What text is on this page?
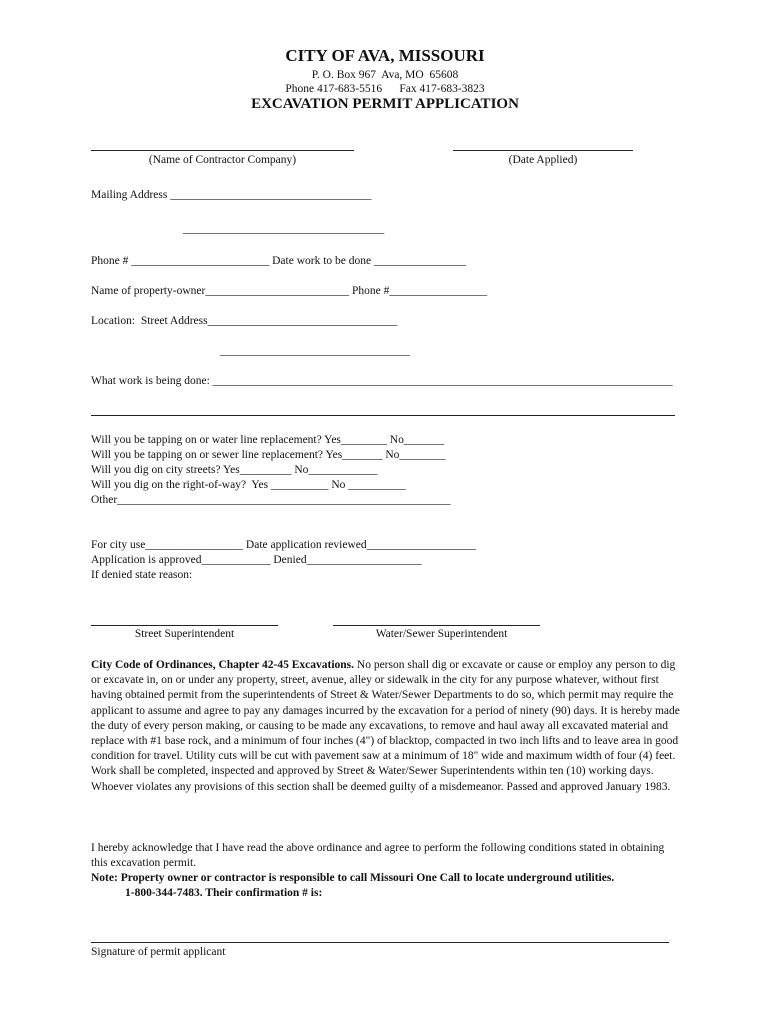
CITY OF AVA, MISSOURI
P. O. Box 967  Ava, MO  65608
Phone 417-683-5516      Fax 417-683-3823
EXCAVATION PERMIT APPLICATION
(Name of Contractor Company)	(Date Applied)
Mailing Address ___________________________________
___________________________________
Phone # ________________________ Date work to be done ________________
Name of property-owner_________________________ Phone #_________________
Location:  Street Address_________________________________
_________________________________
What work is being done: ________________________________________________________________________________
Will you be tapping on or water line replacement? Yes________ No_______
Will you be tapping on or sewer line replacement? Yes_______ No________
Will you dig on city streets? Yes_________ No____________
Will you dig on the right-of-way?  Yes __________ No __________
Other__________________________________________________________
For city use_________________ Date application reviewed___________________
Application is approved____________ Denied____________________
If denied state reason:
Street Superintendent	Water/Sewer Superintendent
City Code of Ordinances, Chapter 42-45 Excavations. No person shall dig or excavate or cause or employ any person to dig or excavate in, on or under any property, street, avenue, alley or sidewalk in the city for any purpose whatever, without first having obtained permit from the superintendents of Street & Water/Sewer Departments to do so, which permit may require the applicant to assume and agree to pay any damages incurred by the excavation for a period of ninety (90) days. It is hereby made the duty of every person making, or causing to be made any excavations, to remove and haul away all excavated material and replace with #1 base rock, and a minimum of four inches (4") of blacktop, compacted in two inch lifts and to leave area in good condition for travel. Utility cuts will be cut with pavement saw at a minimum of 18" wide and maximum width of four (4) feet. Work shall be completed, inspected and approved by Street & Water/Sewer Superintendents within ten (10) working days. Whoever violates any provisions of this section shall be deemed guilty of a misdemeanor. Passed and approved January 1983.
I hereby acknowledge that I have read the above ordinance and agree to perform the following conditions stated in obtaining this excavation permit.
Note: Property owner or contractor is responsible to call Missouri One Call to locate underground utilities.
1-800-344-7483. Their confirmation # is:
Signature of permit applicant
